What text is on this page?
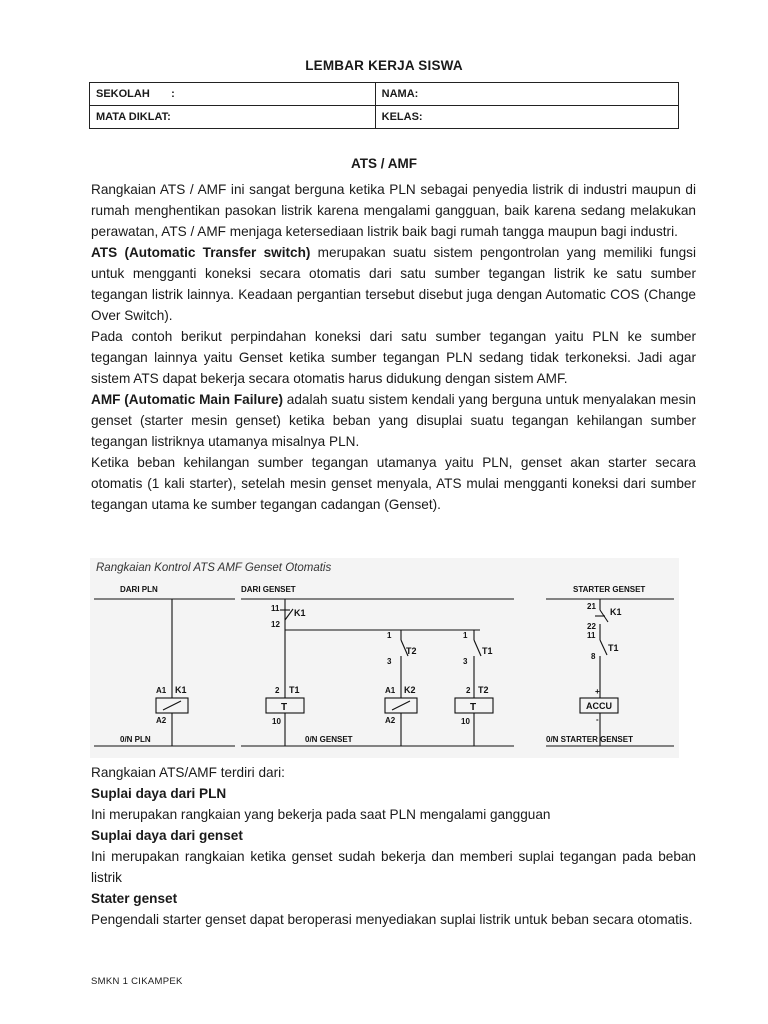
LEMBAR KERJA SISWA
SEKOLAH       :	NAMA:
MATA DIKLAT:	KELAS:
ATS / AMF

Rangkaian ATS / AMF ini sangat berguna ketika PLN sebagai penyedia listrik di industri maupun di rumah menghentikan pasokan listrik karena mengalami gangguan, baik karena sedang melakukan perawatan, ATS / AMF menjaga ketersediaan listrik baik bagi rumah tangga maupun bagi industri.

ATS (Automatic Transfer switch) merupakan suatu sistem pengontrolan yang memiliki fungsi untuk mengganti koneksi secara otomatis dari satu sumber tegangan listrik ke satu sumber tegangan listrik lainnya. Keadaan pergantian tersebut disebut juga dengan Automatic COS (Change Over Switch).

Pada contoh berikut perpindahan koneksi dari satu sumber tegangan yaitu PLN ke sumber tegangan lainnya yaitu Genset ketika sumber tegangan PLN sedang tidak terkoneksi. Jadi agar sistem ATS dapat bekerja secara otomatis harus didukung dengan sistem AMF.

AMF (Automatic Main Failure) adalah suatu sistem kendali yang berguna untuk menyalakan mesin genset (starter mesin genset) ketika beban yang disuplai suatu tegangan kehilangan sumber tegangan listriknya utamanya misalnya PLN.

Ketika beban kehilangan sumber tegangan utamanya yaitu PLN, genset akan starter secara otomatis (1 kali starter), setelah mesin genset menyala, ATS mulai mengganti koneksi dari sumber tegangan utama ke sumber tegangan cadangan (Genset).

Rangkaian Kontrol ATS AMF Genset Otomatis
DARI PLN	DARI GENSET	STARTER GENSET
0/N PLN	0/N GENSET	0/N STARTER GENSET
A1 K1
A2
11 K1
12
2 T1
T
10
1
T2
3
A1 K2
A2
1
T1
3
2 T2
T
10
21
K1
22
11
T1
8
+
ACCU
-

Rangkaian ATS/AMF terdiri dari:

Suplai daya dari PLN

Ini merupakan rangkaian yang bekerja pada saat PLN mengalami gangguan

Suplai daya dari genset

Ini merupakan rangkaian ketika genset sudah bekerja dan memberi suplai tegangan pada beban listrik

Stater genset

Pengendali starter genset dapat beroperasi menyediakan suplai listrik untuk beban secara otomatis.

SMKN 1 CIKAMPEK
